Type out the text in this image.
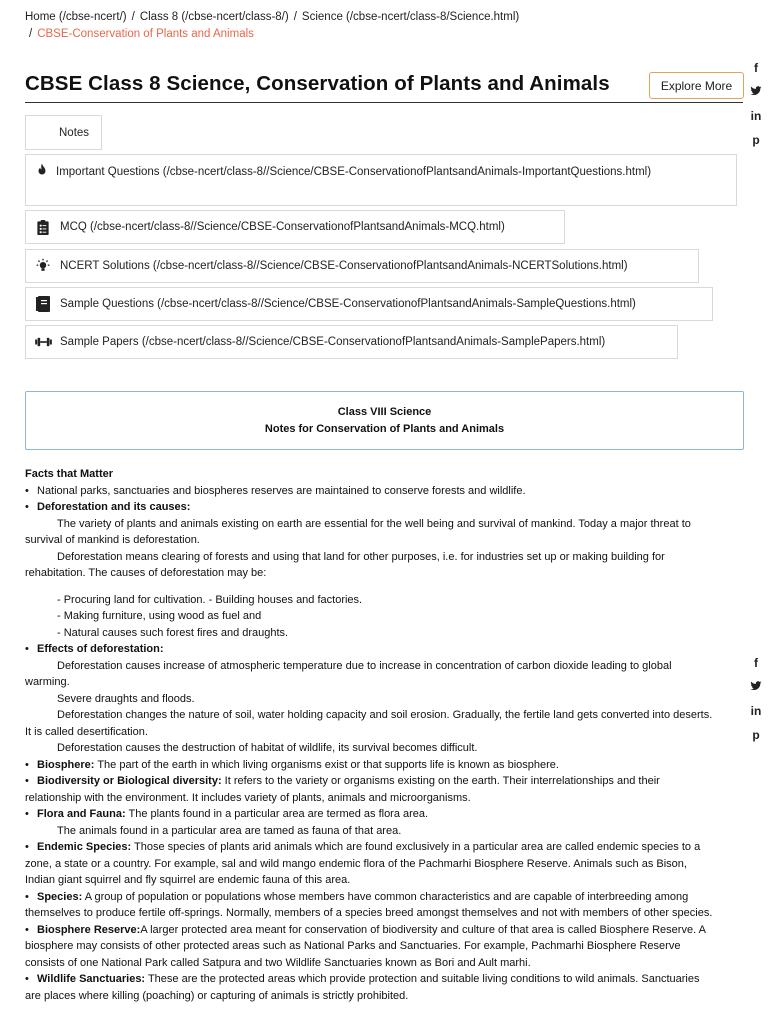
Home (/cbse-ncert/) / Class 8 (/cbse-ncert/class-8/) / Science (/cbse-ncert/class-8/Science.html)
/ CBSE-Conservation of Plants and Animals
CBSE Class 8 Science, Conservation of Plants and Animals	Explore More
f
in
p
f
in
p
Notes
Important Questions (/cbse-ncert/class-8//Science/CBSE-ConservationofPlantsandAnimals-ImportantQuestions.html)
MCQ (/cbse-ncert/class-8//Science/CBSE-ConservationofPlantsandAnimals-MCQ.html)
NCERT Solutions (/cbse-ncert/class-8//Science/CBSE-ConservationofPlantsandAnimals-NCERTSolutions.html)
Sample Questions (/cbse-ncert/class-8//Science/CBSE-ConservationofPlantsandAnimals-SampleQuestions.html)
Sample Papers (/cbse-ncert/class-8//Science/CBSE-ConservationofPlantsandAnimals-SamplePapers.html)
Class VIII Science
Notes for Conservation of Plants and Animals

Facts that Matter

• National parks, sanctuaries and biospheres reserves are maintained to conserve forests and wildlife.

• Deforestation and its causes:

The variety of plants and animals existing on earth are essential for the well being and survival of mankind. Today a major threat to survival of mankind is deforestation.

Deforestation means clearing of forests and using that land for other purposes, i.e. for industries set up or making building for rehabitation. The causes of deforestation may be:

- Procuring land for cultivation. - Building houses and factories.

- Making furniture, using wood as fuel and

- Natural causes such forest fires and draughts.

• Effects of deforestation:

Deforestation causes increase of atmospheric temperature due to increase in concentration of carbon dioxide leading to global warming.

Severe draughts and floods.

Deforestation changes the nature of soil, water holding capacity and soil erosion. Gradually, the fertile land gets converted into deserts. It is called desertification.

Deforestation causes the destruction of habitat of wildlife, its survival becomes difficult.

• Biosphere: The part of the earth in which living organisms exist or that supports life is known as biosphere.

• Biodiversity or Biological diversity: It refers to the variety or organisms existing on the earth. Their interrelationships and their relationship with the environment. It includes variety of plants, animals and microorganisms.

• Flora and Fauna: The plants found in a particular area are termed as flora area.

The animals found in a particular area are tamed as fauna of that area.

• Endemic Species: Those species of plants arid animals which are found exclusively in a particular area are called endemic species to a zone, a state or a country. For example, sal and wild mango endemic flora of the Pachmarhi Biosphere Reserve. Animals such as Bison, Indian giant squirrel and fly squirrel are endemic fauna of this area.

• Species: A group of population or populations whose members have common characteristics and are capable of interbreeding among themselves to produce fertile off-springs. Normally, members of a species breed amongst themselves and not with members of other species.

• Biosphere Reserve:A larger protected area meant for conservation of biodiversity and culture of that area is called Biosphere Reserve. A biosphere may consists of other protected areas such as National Parks and Sanctuaries. For example, Pachmarhi Biosphere Reserve consists of one National Park called Satpura and two Wildlife Sanctuaries known as Bori and Ault marhi.

• Wildlife Sanctuaries: These are the protected areas which provide protection and suitable living conditions to wild animals. Sanctuaries are places where killing (poaching) or capturing of animals is strictly prohibited.
